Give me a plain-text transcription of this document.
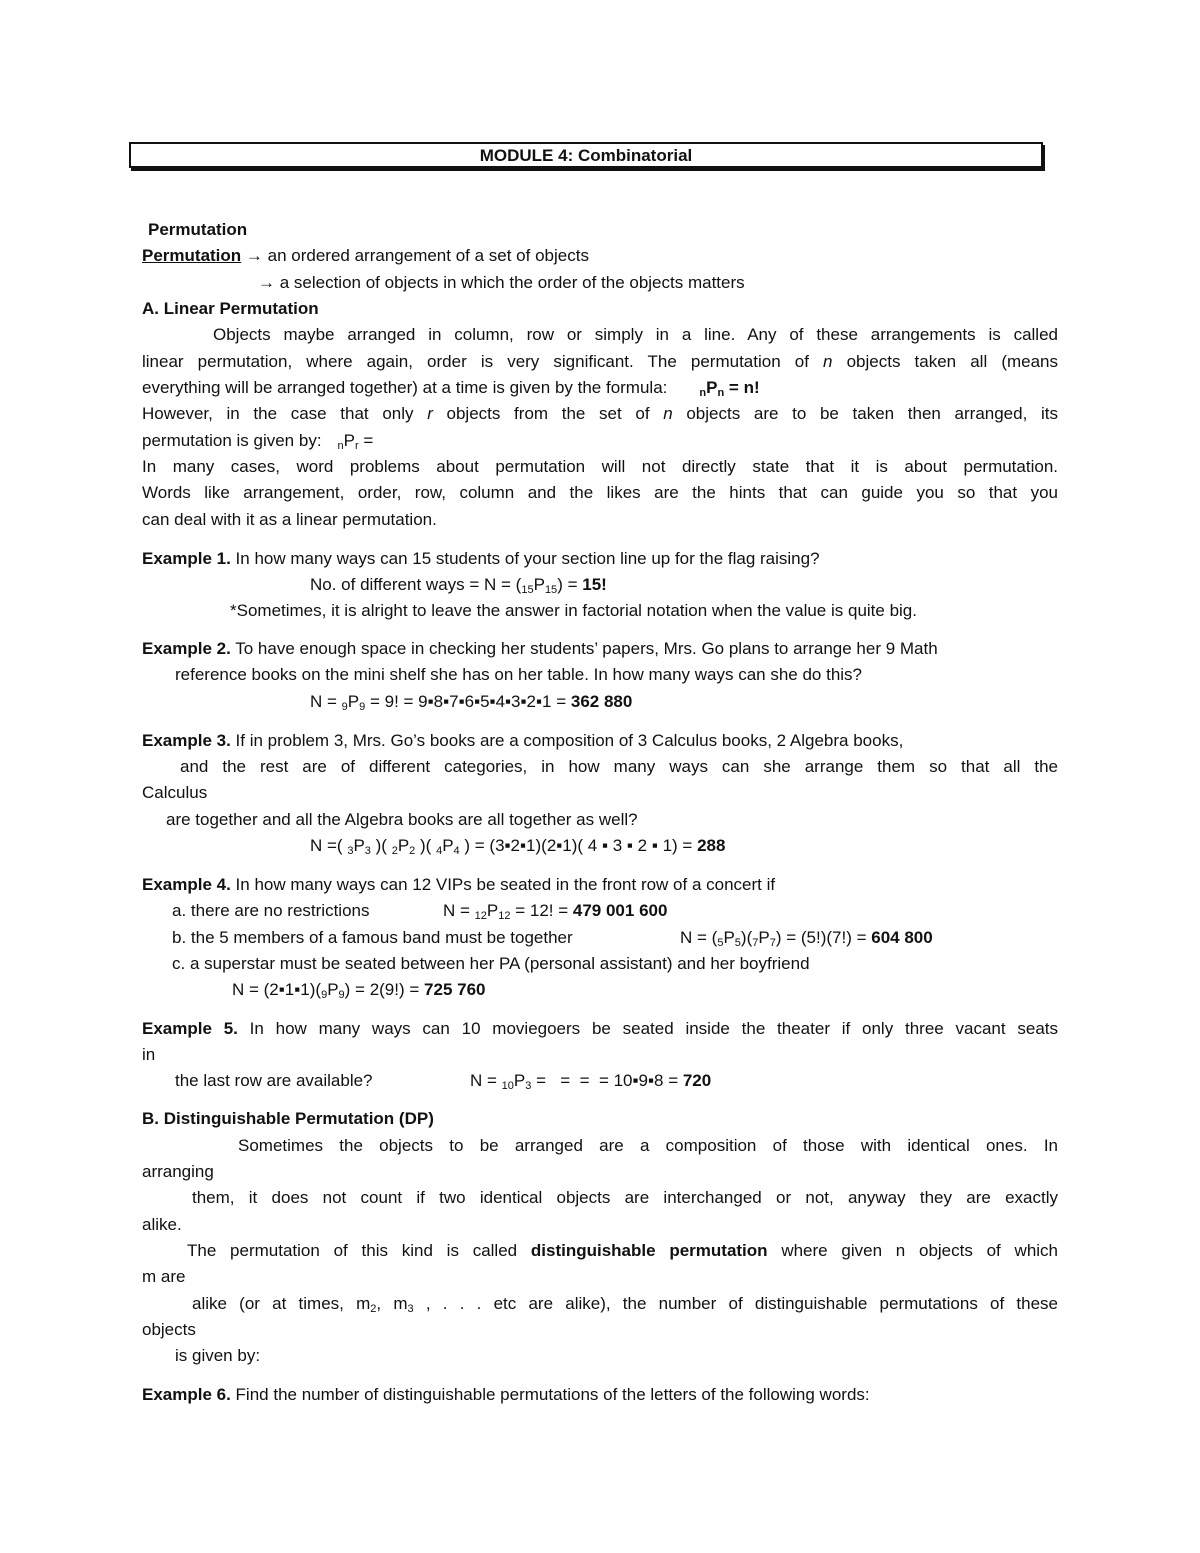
MODULE 4: Combinatorial
Permutation
Permutation → an ordered arrangement of a set of objects
→ a selection of objects in which the order of the objects matters
A. Linear Permutation
Objects maybe arranged in column, row or simply in a line. Any of these arrangements is called
linear permutation, where again, order is very significant. The permutation of n objects taken all (means
everything will be arranged together) at a time is given by the formula:	$_nP_n = n$!
However, in the case that only r objects from the set of n objects are to be taken then arranged, its
permutation is given by: $_nP_r$ =
In many cases, word problems about permutation will not directly state that it is about permutation.
Words like arrangement, order, row, column and the likes are the hints that can guide you so that you
can deal with it as a linear permutation.
Example 1. In how many ways can 15 students of your section line up for the flag raising?
No. of different ways = $N = (_{15}P_{15}) = 15$!
*Sometimes, it is alright to leave the answer in factorial notation when the value is quite big.
Example 2. To have enough space in checking her students’ papers, Mrs. Go plans to arrange her 9 Math
reference books on the mini shelf she has on her table. In how many ways can she do this?
$N = _9P_9 = 9$! = 9▪8▪7▪6▪5▪4▪3▪2▪1 = 362 880
Example 3. If in problem 3, Mrs. Go’s books are a composition of 3 Calculus books, 2 Algebra books,
and the rest are of different categories, in how many ways can she arrange them so that all the
Calculus
are together and all the Algebra books are all together as well?
N =( $_3P_3$ )( $_2P_2$ )( $_4P_4$ ) = (3▪2▪1)(2▪1)( 4 ▪ 3 ▪ 2 ▪ 1) = 288
Example 4. In how many ways can 12 VIPs be seated in the front row of a concert if
a. there are no restrictions	$N = _{12}P_{12} = 12$! = 479 001 600
b. the 5 members of a famous band must be together	$N = (_5P_5)(_7P_7) = (5!)(7!) = 604$ 800
c. a superstar must be seated between her PA (personal assistant) and her boyfriend
$N = (2▪1▪1)(_9P_9) = 2(9!) = 725$ 760
Example 5. In how many ways can 10 moviegoers be seated inside the theater if only three vacant seats
in
the last row are available?	$N = _{10}P_3$ =   =  =  = 10▪9▪8 = 720
B. Distinguishable Permutation (DP)
Sometimes the objects to be arranged are a composition of those with identical ones. In
arranging
them, it does not count if two identical objects are interchanged or not, anyway they are exactly
alike.
The permutation of this kind is called distinguishable permutation where given n objects of which
m are
alike (or at times, $m_2$, $m_3$ , . . . etc are alike), the number of distinguishable permutations of these
objects
is given by:
Example 6. Find the number of distinguishable permutations of the letters of the following words:
